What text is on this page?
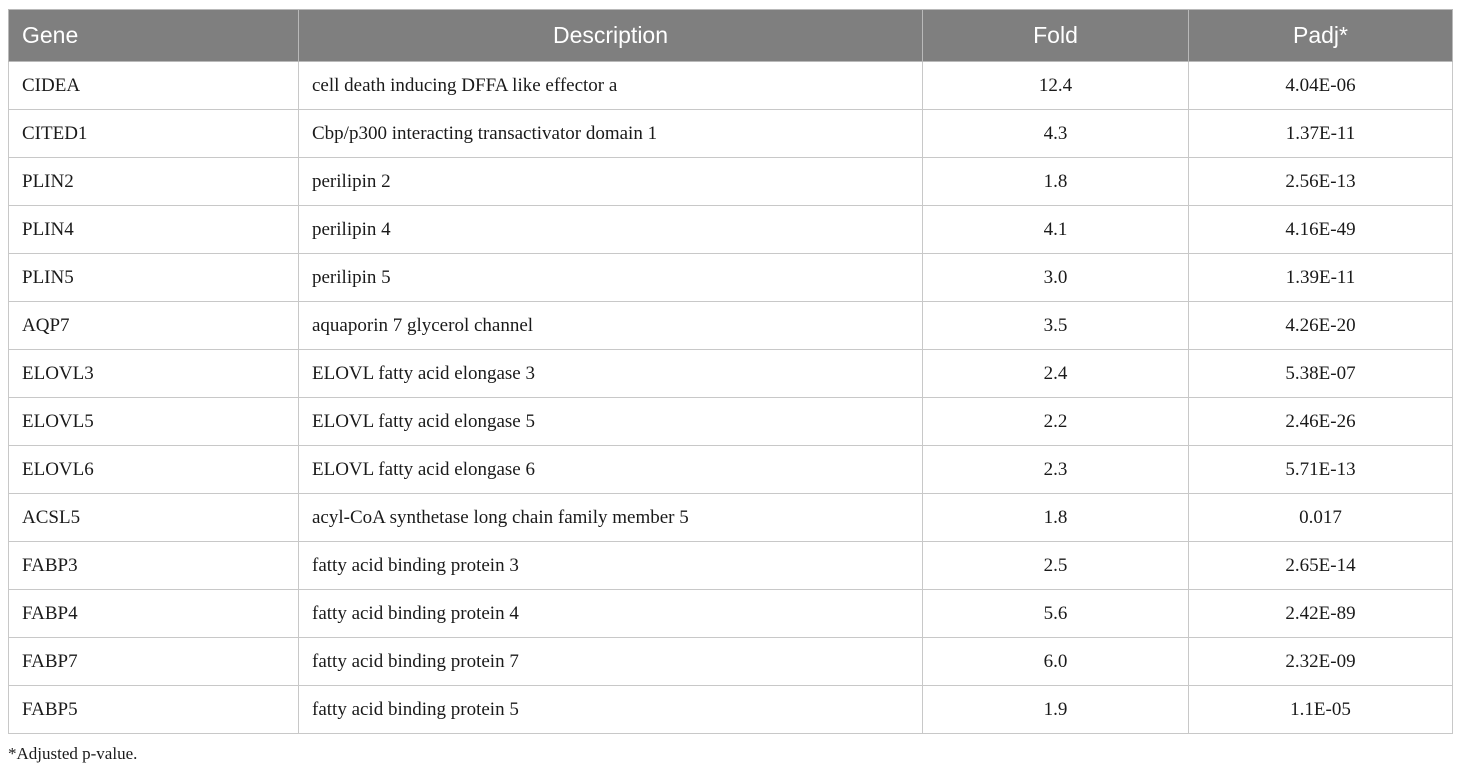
Gene	Description	Fold	Padj*
CIDEA	cell death inducing DFFA like effector a	12.4	4.04E-06
CITED1	Cbp/p300 interacting transactivator domain 1	4.3	1.37E-11
PLIN2	perilipin 2	1.8	2.56E-13
PLIN4	perilipin 4	4.1	4.16E-49
PLIN5	perilipin 5	3.0	1.39E-11
AQP7	aquaporin 7 glycerol channel	3.5	4.26E-20
ELOVL3	ELOVL fatty acid elongase 3	2.4	5.38E-07
ELOVL5	ELOVL fatty acid elongase 5	2.2	2.46E-26
ELOVL6	ELOVL fatty acid elongase 6	2.3	5.71E-13
ACSL5	acyl-CoA synthetase long chain family member 5	1.8	0.017
FABP3	fatty acid binding protein 3	2.5	2.65E-14
FABP4	fatty acid binding protein 4	5.6	2.42E-89
FABP7	fatty acid binding protein 7	6.0	2.32E-09
FABP5	fatty acid binding protein 5	1.9	1.1E-05
*Adjusted p-value.
